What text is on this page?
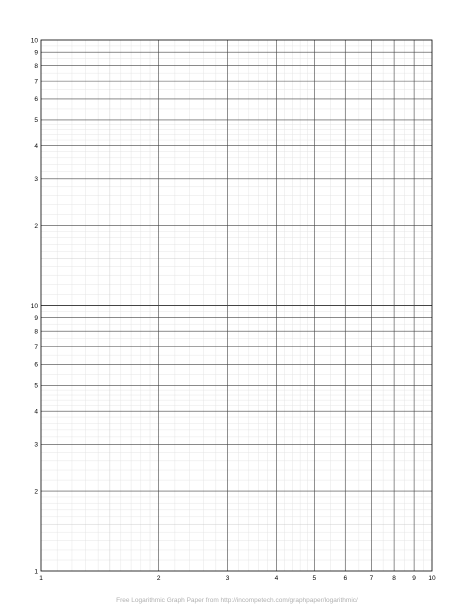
1	2	3	4	5	6	7	8	9 10
1
2
3
4
5
6
7
8
9
10
2
3
4
5
6
7
8
9
10
Free Logarithmic Graph Paper from http://incompetech.com/graphpaper/logarithmic/
